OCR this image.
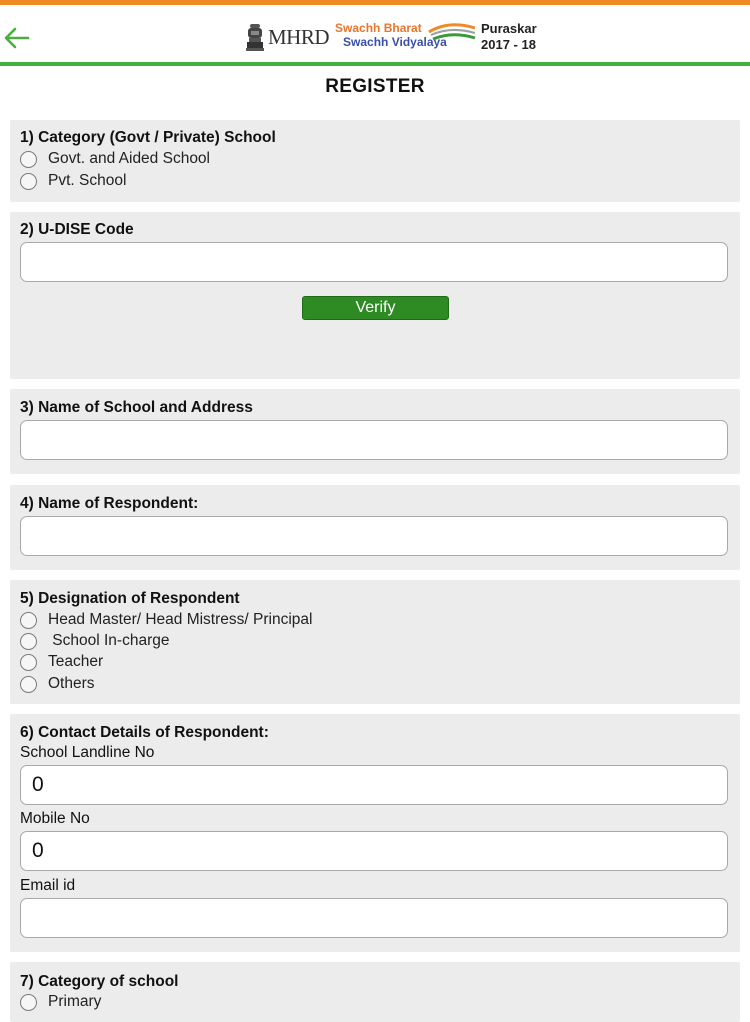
MHRD Swachh Bharat
Swachh Vidyalaya
Puraskar
2017 - 18
REGISTER
1) Category (Govt / Private) School
Govt. and Aided School
Pvt. School
2) U-DISE Code
Verify
3) Name of School and Address
4) Name of Respondent:
5) Designation of Respondent
Head Master/ Head Mistress/ Principal
School In-charge
Teacher
Others
6) Contact Details of Respondent:
School Landline No
0
Mobile No
0
Email id
7) Category of school
Primary
